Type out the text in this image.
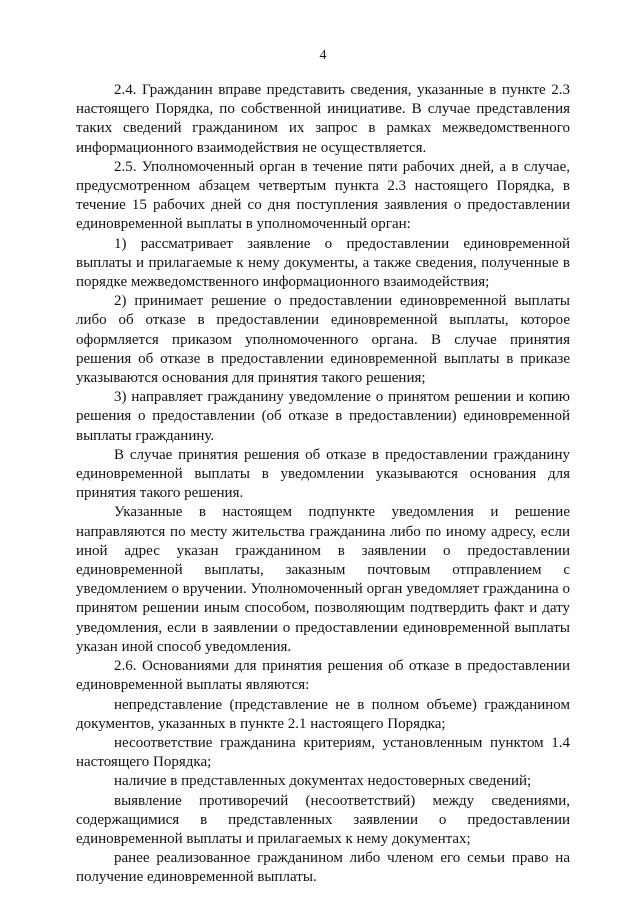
4

2.4. Гражданин вправе представить сведения, указанные в пункте 2.3 настоящего Порядка, по собственной инициативе. В случае представления таких сведений гражданином их запрос в рамках межведомственного информационного взаимодействия не осуществляется.

2.5. Уполномоченный орган в течение пяти рабочих дней, а в случае, предусмотренном абзацем четвертым пункта 2.3 настоящего Порядка, в течение 15 рабочих дней со дня поступления заявления о предоставлении единовременной выплаты в уполномоченный орган:

1) рассматривает заявление о предоставлении единовременной выплаты и прилагаемые к нему документы, а также сведения, полученные в порядке межведомственного информационного взаимодействия;

2) принимает решение о предоставлении единовременной выплаты либо об отказе в предоставлении единовременной выплаты, которое оформляется приказом уполномоченного органа. В случае принятия решения об отказе в предоставлении единовременной выплаты в приказе указываются основания для принятия такого решения;

3) направляет гражданину уведомление о принятом решении и копию решения о предоставлении (об отказе в предоставлении) единовременной выплаты гражданину.

В случае принятия решения об отказе в предоставлении гражданину единовременной выплаты в уведомлении указываются основания для принятия такого решения.

Указанные в настоящем подпункте уведомления и решение направляются по месту жительства гражданина либо по иному адресу, если иной адрес указан гражданином в заявлении о предоставлении единовременной выплаты, заказным почтовым отправлением с уведомлением о вручении. Уполномоченный орган уведомляет гражданина о принятом решении иным способом, позволяющим подтвердить факт и дату уведомления, если в заявлении о предоставлении единовременной выплаты указан иной способ уведомления.

2.6. Основаниями для принятия решения об отказе в предоставлении единовременной выплаты являются:

непредставление (представление не в полном объеме) гражданином документов, указанных в пункте 2.1 настоящего Порядка;

несоответствие гражданина критериям, установленным пунктом 1.4 настоящего Порядка;

наличие в представленных документах недостоверных сведений;

выявление противоречий (несоответствий) между сведениями, содержащимися в представленных заявлении о предоставлении единовременной выплаты и прилагаемых к нему документах;

ранее реализованное гражданином либо членом его семьи право на получение единовременной выплаты.
